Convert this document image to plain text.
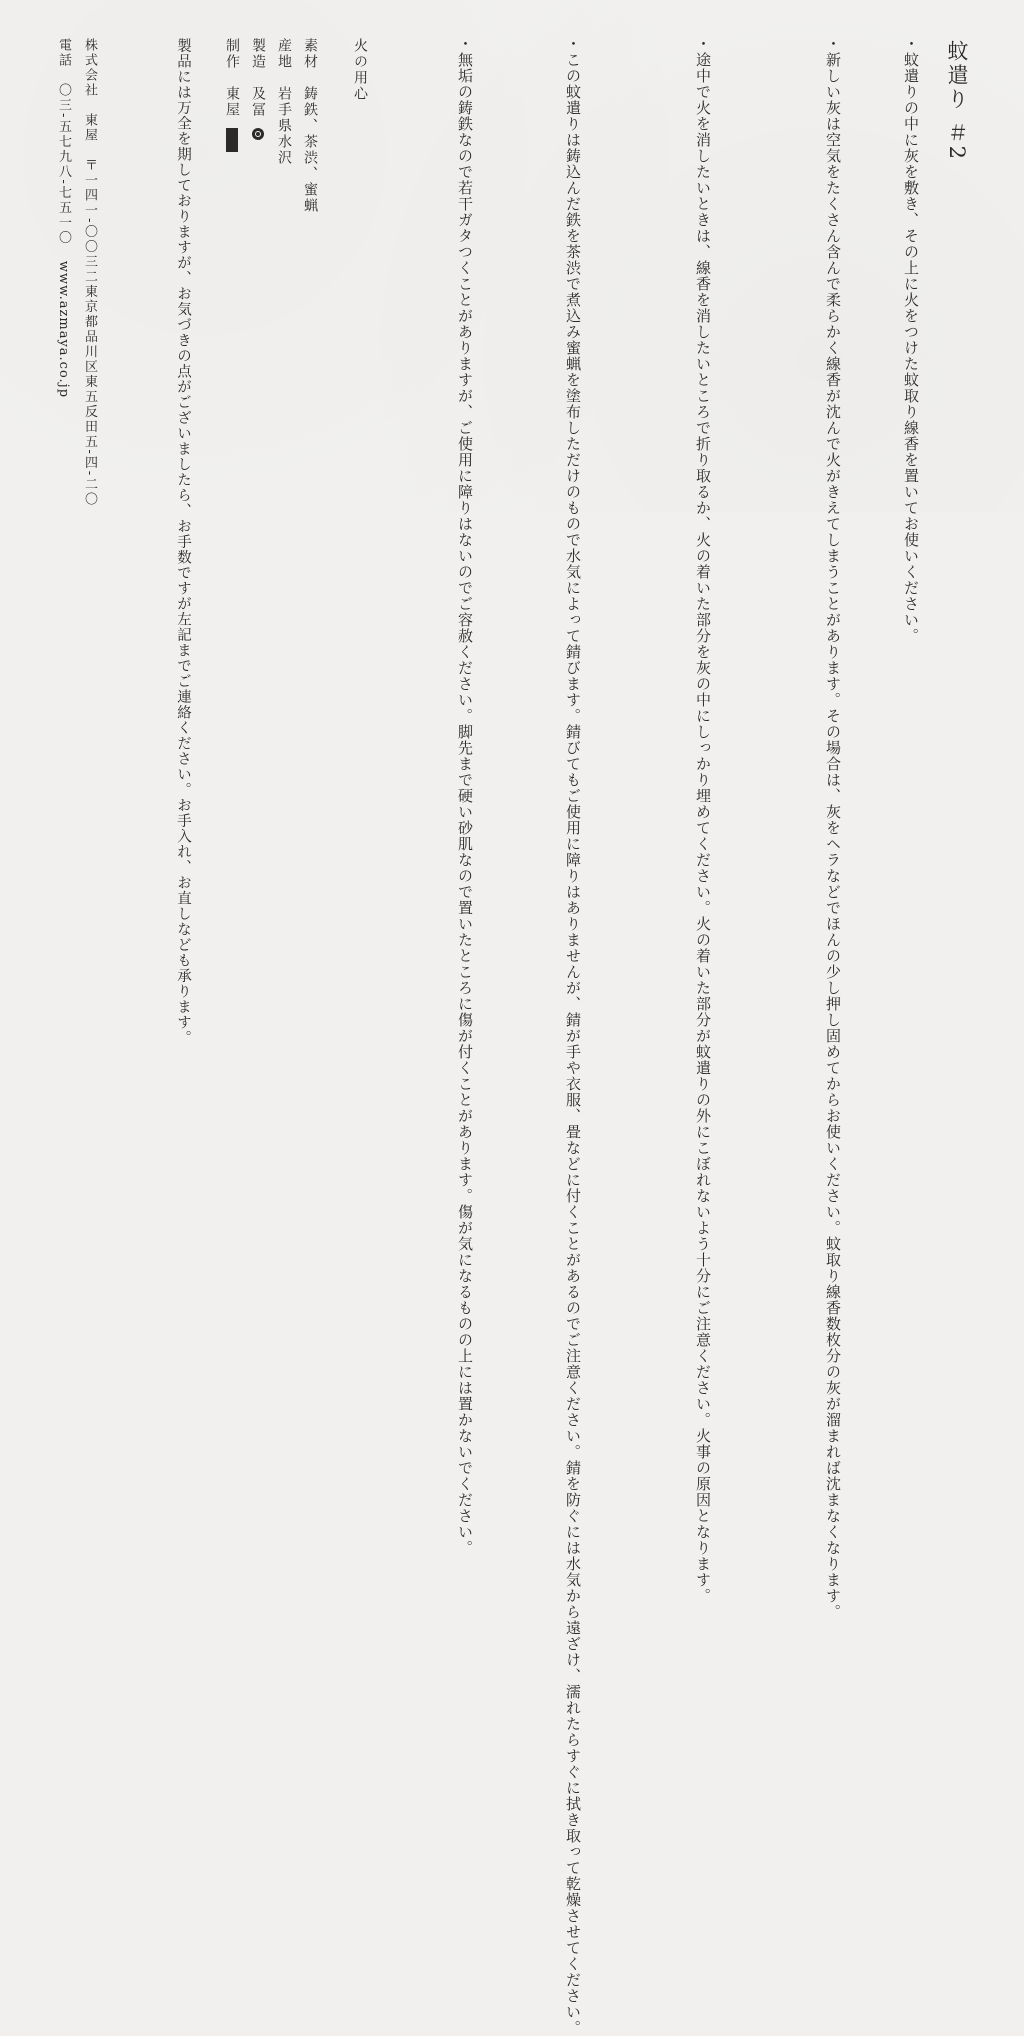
蚊遣り ＃2

・蚊遣りの中に灰を敷き、その上に火をつけた蚊取り線香を置いてお使いください。

・新しい灰は空気をたくさん含んで柔らかく線香が沈んで火がきえてしまうことがあります。その場合は、灰をヘラなどでほんの少し押し固めてからお使いください。蚊取り線香数枚分の灰が溜まれば沈まなくなります。

・途中で火を消したいときは、線香を消したいところで折り取るか、火の着いた部分を灰の中にしっかり埋めてください。火の着いた部分が蚊遣りの外にこぼれないよう十分にご注意ください。火事の原因となります。

・この蚊遣りは鋳込んだ鉄を茶渋で煮込み蜜蝋を塗布しただけのもので水気によって錆びます。錆びてもご使用に障りはありませんが、錆が手や衣服、畳などに付くことがあるのでご注意ください。錆を防ぐには水気から遠ざけ、濡れたらすぐに拭き取って乾燥させてください。

・無垢の鋳鉄なので若干ガタつくことがありますが、ご使用に障りはないのでご容赦ください。脚先まで硬い砂肌なので置いたところに傷が付くことがあります。傷が気になるものの上には置かないでください。

火の用心
素材　鋳鉄、茶渋、蜜蝋
産地　岩手県水沢
製造　及冨
制作　東屋

製品には万全を期しておりますが、お気づきの点がございましたら、お手数ですが左記までご連絡ください。お手入れ、お直しなども承ります。

株式会社　東屋　〒一四一-〇〇三二東京都品川区東五反田五-四-二〇
電話　〇三-五七九八-七五一〇　www.azmaya.co.jp
